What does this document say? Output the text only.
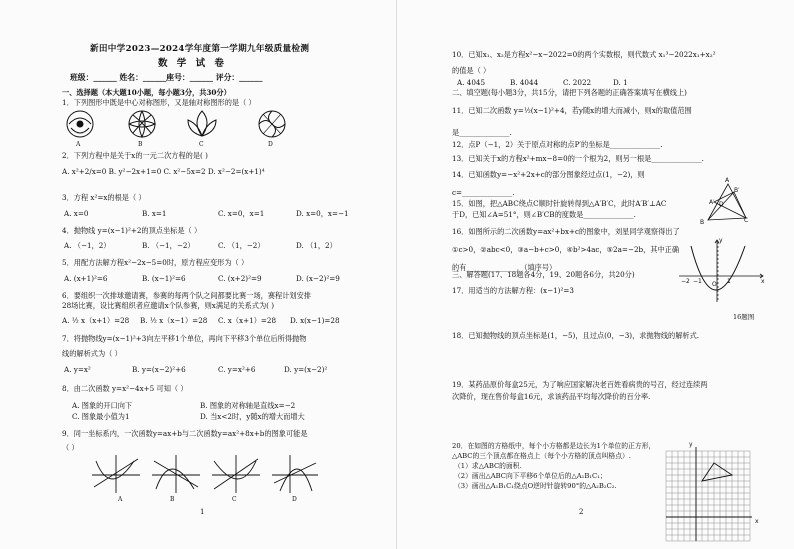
新田中学2023—2024学年度第一学期九年级质量检测
数 学 试 卷
班级：______ 姓名：______座号：______ 评分：______
一、选择题（本大题10小题，每小题3分，共30分）
1．下列图形中既是中心对称图形，又是轴对称图形的是（ ）
A	B	C	D
2．下列方程中是关于x的一元二次方程的是( )
A. x²+2/x=0 B. y²−2x+1=0 C. x²−5x=2 D. x²−2=(x+1)⁴
3．方程 x²=x的根是（ ）
A. x=0	B. x=1	C. x=0，x=1	D. x=0，x=−1
4．抛物线 y=(x−1)²+2的顶点坐标是（ ）
A. （−1，2）	B. （−1，−2）	C. （1，−2）	D. （1，2）
5．用配方法解方程x²−2x−5=0时，原方程应变形为（ ）
A. (x+1)²=6	B. (x−1)²=6	C. (x+2)²=9	D. (x−2)²=9
6．要组织一次排球邀请赛，参赛的每两个队之间都要比赛一场，赛程计划安排
28场比赛，设比赛组织者应邀请x个队参赛，则x满足的关系式为( )
A. ½ x（x+1）=28 B. ½ x（x−1）=28 C. x（x+1）=28 D. x(x−1)=28
7．将抛物线y=(x−1)²+3向左平移1个单位，再向下平移3个单位后所得抛物
线的解析式为（ ）
A. y=x²	B. y=(x−2)²+6	C. y=x²+6	D. y=(x−2)²
8．由二次函数 y=x²−4x+5 可知（ ）
A. 图象的开口向下	B. 图象的对称轴是直线x=−2
C. 图象最小值为1	D. 当x<2时，y随x的增大而增大
9．同一坐标系内，一次函数y=ax+b与二次函数y=ax²+8x+b的图象可能是
（ ）
A	B	C	D
1
10．已知x₁、x₂是方程x²−x−2022=0的两个实数根，则代数式 x₁³−2022x₁+x₂²
的值是（ ）
A. 4045	B. 4044	C. 2022	D. 1
二、填空题(每小题3分，共15分，请把下列各题的正确答案填写在横线上)
11．已知二次函数 y=½(x−1)²+4，若y随x的增大而减小，则x的取值范围
是______________.
12．点P（−1，2）关于原点对称的点P′的坐标是______________.
13．已知关于x的方程x²+mx−8=0的一个根为2，则另一根是______________.
14．已知函数y=−x²+2x+c的部分图象经过点(1，−2)，则
c=______________.
A
B	C
D
A′
B′
15．如图，把△ABC绕点C顺时针旋转得到△A′B′C，此时A′B′⊥AC
于D，已知∠A=51°，则∠B′CB的度数是______________.
16．如图所示的二次函数y=ax²+bx+c的图象中，刘星同学观察得出了
①c>0，②abc<0，③a−b+c>0，④b²>4ac，⑤2a=−2b，其中正确
的有______________．（填序号）
三、解答题(17、18题各4分，19、20题各6分，共20分)
17．用适当的方法解方程：(x−1)²=3
−2 −1	1	x
y
O
16题图
18．已知抛物线的顶点坐标是(1，−5)，且过点(0，−3)，求抛物线的解析式.
19．某药品原价每盒25元，为了响应国家解决老百姓看病贵的号召，经过连续两
次降价，现在售价每盒16元，求该药品平均每次降价的百分率.
20．在如图的方格纸中，每个小方格都是边长为1个单位的正方形，
△ABC的三个顶点都在格点上（每个小方格的顶点叫格点）.
（1）求△ABC的面积.
（2）画出△ABC向下平移6个单位后的△A₁B₁C₁；
（3）画出△A₁B₁C₁绕点O逆时针旋转90°的△A₂B₂C₂.
y
x
2
